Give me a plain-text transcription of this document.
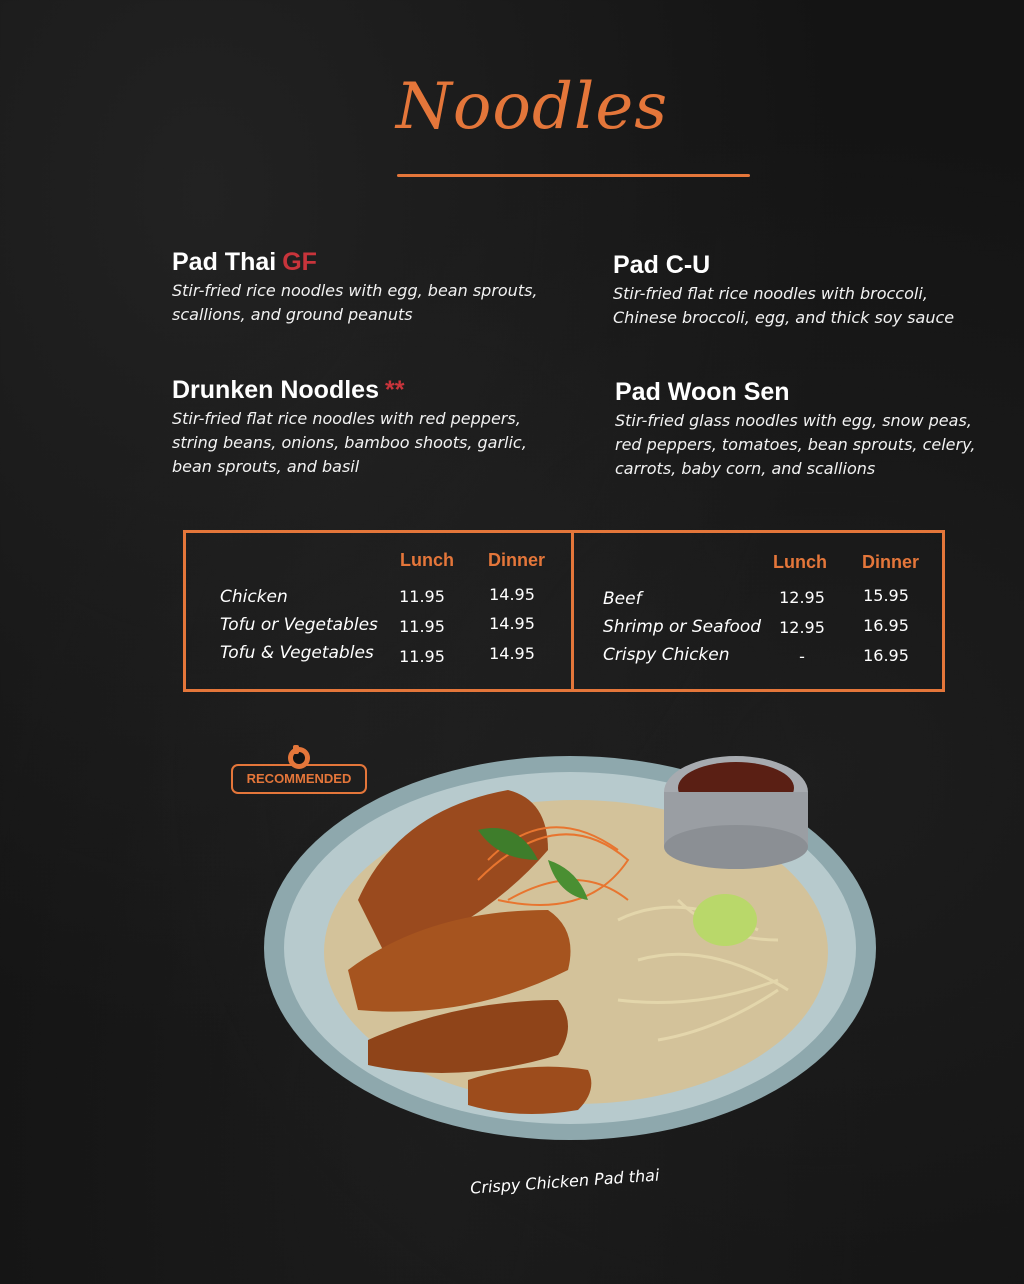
Noodles
Pad Thai GF
Stir-fried rice noodles with egg, bean sprouts,
scallions, and ground peanuts
Pad C-U
Stir-fried flat rice noodles with broccoli,
Chinese broccoli, egg, and thick soy sauce
Drunken Noodles **
Stir-fried flat rice noodles with red peppers,
string beans, onions, bamboo shoots, garlic,
bean sprouts, and basil
Pad Woon Sen
Stir-fried glass noodles with egg, snow peas,
red peppers, tomatoes, bean sprouts, celery,
carrots, baby corn, and scallions
Lunch Dinner
Chicken	11.95	14.95
Tofu or Vegetables	11.95	14.95
Tofu & Vegetables	11.95	14.95
Lunch Dinner
Beef	12.95	15.95
Shrimp or Seafood	12.95	16.95
Crispy Chicken	-	16.95
RECOMMENDED
Crispy Chicken Pad thai
